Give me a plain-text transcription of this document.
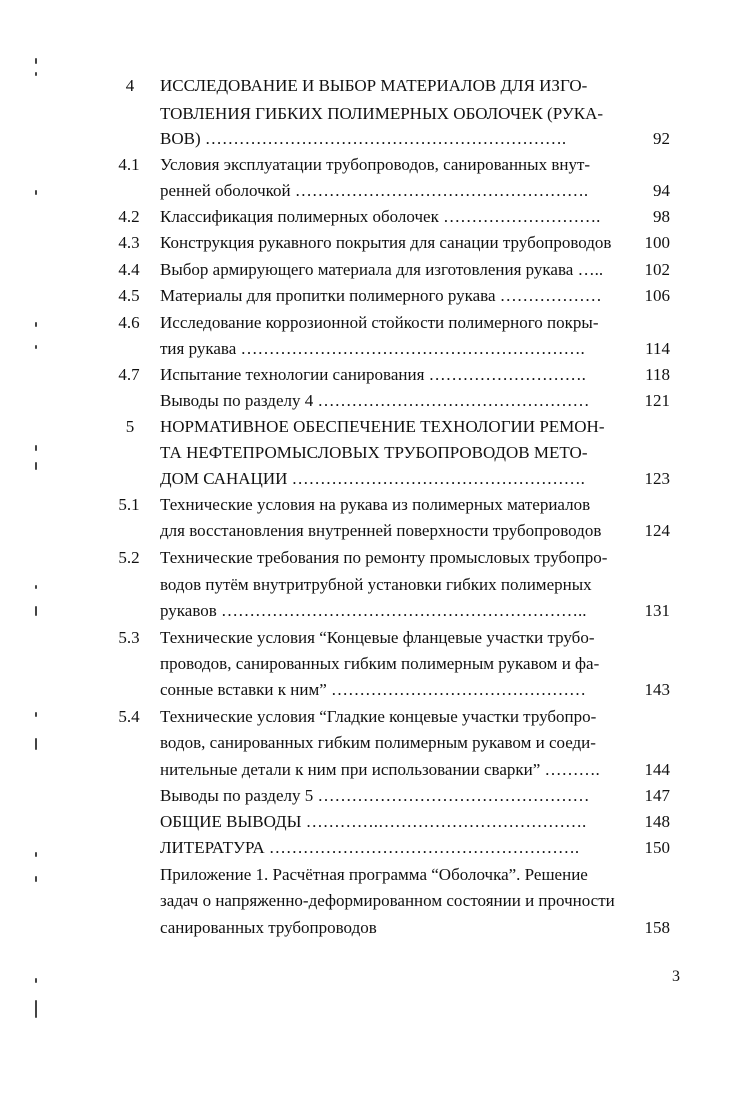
4	ИССЛЕДОВАНИЕ И ВЫБОР МАТЕРИАЛОВ ДЛЯ ИЗГО-
ТОВЛЕНИЯ ГИБКИХ ПОЛИМЕРНЫХ ОБОЛОЧЕК (РУКА-
ВОВ) ……………………………………………………….	92
4.1	Условия эксплуатации трубопроводов, санированных внут-
ренней оболочкой …………………………………………….	94
4.2	Классификация полимерных оболочек ……………………….	98
4.3	Конструкция рукавного покрытия для санации трубопроводов	100
4.4	Выбор армирующего материала для изготовления рукава …..	102
4.5	Материалы для пропитки полимерного рукава ………………	106
4.6	Исследование коррозионной стойкости полимерного покры-
тия рукава …………………………………………………….	114
4.7	Испытание технологии санирования ……………………….	118
Выводы по разделу 4 …………………………………………	121
5	НОРМАТИВНОЕ ОБЕСПЕЧЕНИЕ ТЕХНОЛОГИИ РЕМОН-
ТА НЕФТЕПРОМЫСЛОВЫХ ТРУБОПРОВОДОВ МЕТО-
ДОМ САНАЦИИ …………………………………………….	123
5.1	Технические условия на рукава из полимерных материалов
для восстановления внутренней поверхности трубопроводов	124
5.2	Технические требования по ремонту промысловых трубопро-
водов путём внутритрубной установки гибких полимерных
рукавов ………………………………………………………..	131
5.3	Технические условия “Концевые фланцевые участки трубо-
проводов, санированных гибким полимерным рукавом и фа-
сонные вставки к ним” ………………………………………	143
5.4	Технические условия “Гладкие концевые участки трубопро-
водов, санированных гибким полимерным рукавом и соеди-
нительные детали к ним при использовании сварки” ……….	144
Выводы по разделу 5 …………………………………………	147
ОБЩИЕ ВЫВОДЫ ………….……………………………….	148
ЛИТЕРАТУРА ……………………………………………….	150
Приложение 1. Расчётная программа “Оболочка”. Решение
задач о напряженно-деформированном состоянии и прочности
санированных трубопроводов	158
3
